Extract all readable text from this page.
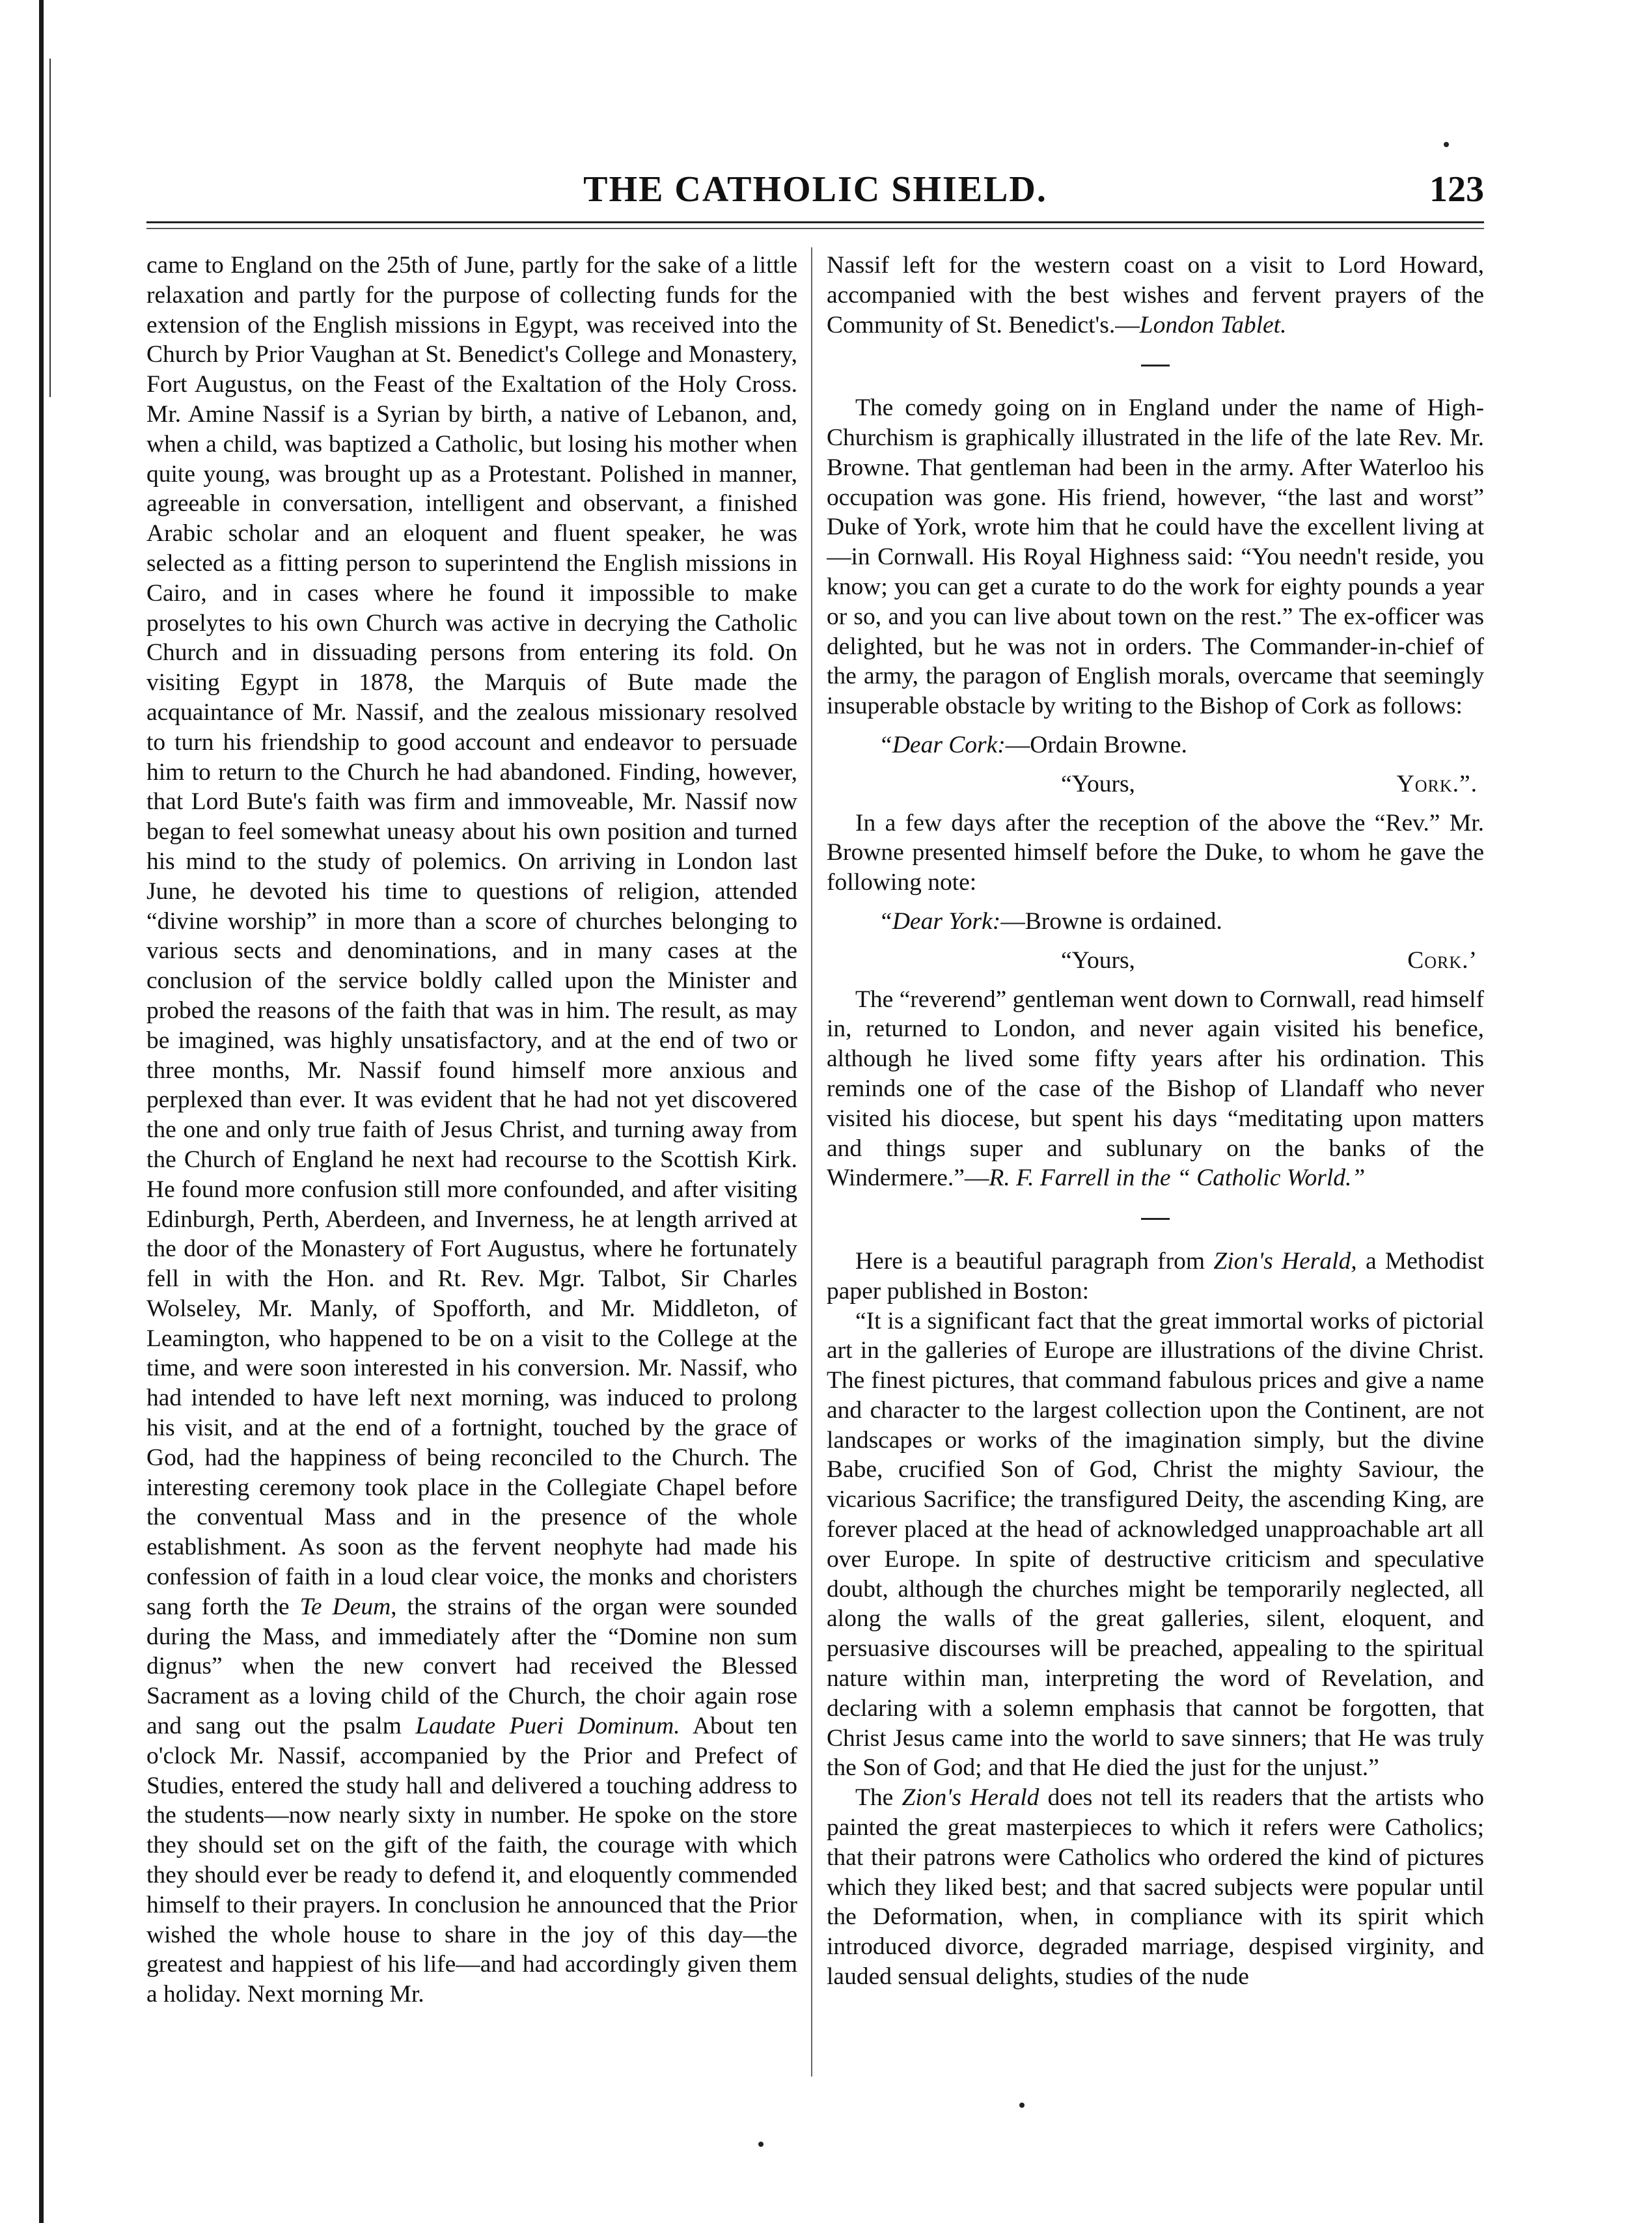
THE CATHOLIC SHIELD.	123

came to England on the 25th of June, partly for the sake of a little relaxation and partly for the purpose of collecting funds for the extension of the English missions in Egypt, was received into the Church by Prior Vaughan at St. Benedict's College and Monastery, Fort Augustus, on the Feast of the Exaltation of the Holy Cross. Mr. Amine Nassif is a Syrian by birth, a native of Lebanon, and, when a child, was baptized a Catholic, but losing his mother when quite young, was brought up as a Protestant. Polished in manner, agreeable in conversation, intelligent and observant, a finished Arabic scholar and an eloquent and fluent speaker, he was selected as a fitting person to superintend the English missions in Cairo, and in cases where he found it impossible to make proselytes to his own Church was active in decrying the Catholic Church and in dissuading persons from entering its fold. On visiting Egypt in 1878, the Marquis of Bute made the acquaintance of Mr. Nassif, and the zealous missionary resolved to turn his friendship to good account and endeavor to persuade him to return to the Church he had abandoned. Finding, however, that Lord Bute's faith was firm and immoveable, Mr. Nassif now began to feel somewhat uneasy about his own position and turned his mind to the study of polemics. On arriving in London last June, he devoted his time to questions of religion, attended “divine worship” in more than a score of churches belonging to various sects and denominations, and in many cases at the conclusion of the service boldly called upon the Minister and probed the reasons of the faith that was in him. The result, as may be imagined, was highly unsatisfactory, and at the end of two or three months, Mr. Nassif found himself more anxious and perplexed than ever. It was evident that he had not yet discovered the one and only true faith of Jesus Christ, and turning away from the Church of England he next had recourse to the Scottish Kirk. He found more confusion still more confounded, and after visiting Edinburgh, Perth, Aberdeen, and Inverness, he at length arrived at the door of the Monastery of Fort Augustus, where he fortunately fell in with the Hon. and Rt. Rev. Mgr. Talbot, Sir Charles Wolseley, Mr. Manly, of Spofforth, and Mr. Middleton, of Leamington, who happened to be on a visit to the College at the time, and were soon interested in his conversion. Mr. Nassif, who had intended to have left next morning, was induced to prolong his visit, and at the end of a fortnight, touched by the grace of God, had the happiness of being reconciled to the Church. The interesting ceremony took place in the Collegiate Chapel before the conventual Mass and in the presence of the whole establishment. As soon as the fervent neophyte had made his confession of faith in a loud clear voice, the monks and choristers sang forth the Te Deum, the strains of the organ were sounded during the Mass, and immediately after the “Domine non sum dignus” when the new convert had received the Blessed Sacrament as a loving child of the Church, the choir again rose and sang out the psalm Laudate Pueri Dominum. About ten o'clock Mr. Nassif, accompanied by the Prior and Prefect of Studies, entered the study hall and delivered a touching address to the students—now nearly sixty in number. He spoke on the store they should set on the gift of the faith, the courage with which they should ever be ready to defend it, and eloquently commended himself to their prayers. In conclusion he announced that the Prior wished the whole house to share in the joy of this day—the greatest and happiest of his life—and had accordingly given them a holiday. Next morning Mr.

Nassif left for the western coast on a visit to Lord Howard, accompanied with the best wishes and fervent prayers of the Community of St. Benedict's.—London Tablet.

The comedy going on in England under the name of High-Churchism is graphically illustrated in the life of the late Rev. Mr. Browne. That gentleman had been in the army. After Waterloo his occupation was gone. His friend, however, “the last and worst” Duke of York, wrote him that he could have the excellent living at—in Cornwall. His Royal Highness said: “You needn't reside, you know; you can get a curate to do the work for eighty pounds a year or so, and you can live about town on the rest.” The ex-officer was delighted, but he was not in orders. The Commander-in-chief of the army, the paragon of English morals, overcame that seemingly insuperable obstacle by writing to the Bishop of Cork as follows:

“Dear Cork:—Ordain Browne.

“Yours,	York.”.

In a few days after the reception of the above the “Rev.” Mr. Browne presented himself before the Duke, to whom he gave the following note:

“Dear York:—Browne is ordained.

“Yours,	Cork.’

The “reverend” gentleman went down to Cornwall, read himself in, returned to London, and never again visited his benefice, although he lived some fifty years after his ordination. This reminds one of the case of the Bishop of Llandaff who never visited his diocese, but spent his days “meditating upon matters and things super and sublunary on the banks of the Windermere.”—R. F. Farrell in the “ Catholic World.”

Here is a beautiful paragraph from Zion's Herald, a Methodist paper published in Boston:

“It is a significant fact that the great immortal works of pictorial art in the galleries of Europe are illustrations of the divine Christ. The finest pictures, that command fabulous prices and give a name and character to the largest collection upon the Continent, are not landscapes or works of the imagination simply, but the divine Babe, crucified Son of God, Christ the mighty Saviour, the vicarious Sacrifice; the transfigured Deity, the ascending King, are forever placed at the head of acknowledged unapproachable art all over Europe. In spite of destructive criticism and speculative doubt, although the churches might be temporarily neglected, all along the walls of the great galleries, silent, eloquent, and persuasive discourses will be preached, appealing to the spiritual nature within man, interpreting the word of Revelation, and declaring with a solemn emphasis that cannot be forgotten, that Christ Jesus came into the world to save sinners; that He was truly the Son of God; and that He died the just for the unjust.”

The Zion's Herald does not tell its readers that the artists who painted the great masterpieces to which it refers were Catholics; that their patrons were Catholics who ordered the kind of pictures which they liked best; and that sacred subjects were popular until the Deformation, when, in compliance with its spirit which introduced divorce, degraded marriage, despised virginity, and lauded sensual delights, studies of the nude
